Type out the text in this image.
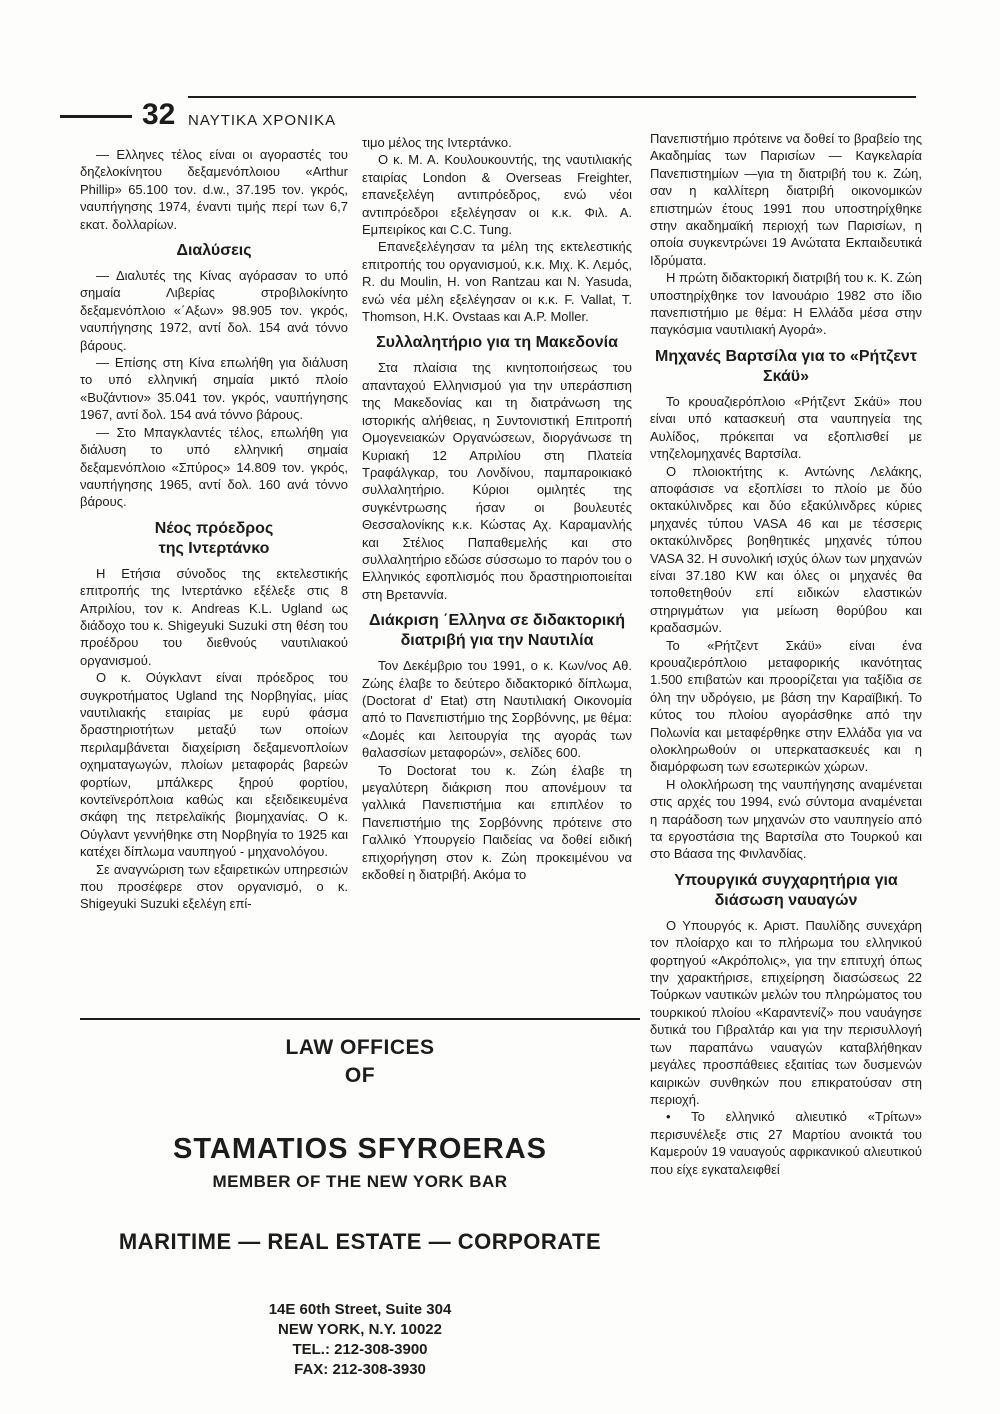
32 ΝΑΥΤΙΚΑ ΧΡΟΝΙΚΑ

— Ελληνες τέλος είναι οι αγοραστές του δηζελοκίνητου δεξαμενόπλοιου «Arthur Phillip» 65.100 τον. d.w., 37.195 τον. γκρός, ναυπήγησης 1974, έναντι τιμής περί των 6,7 εκατ. δολλαρίων.

Διαλύσεις

— Διαλυτές της Κίνας αγόρασαν το υπό σημαία Λιβερίας στροβιλοκίνητο δεξαμενόπλοιο «΄Αξων» 98.905 τον. γκρός, ναυπήγησης 1972, αντί δολ. 154 ανά τόννο βάρους.

— Επίσης στη Κίνα επωλήθη για διάλυση το υπό ελληνική σημαία μικτό πλοίο «Βυζάντιον» 35.041 τον. γκρός, ναυπήγησης 1967, αντί δολ. 154 ανά τόννο βάρους.

— Στο Μπαγκλαντές τέλος, επωλήθη για διάλυση το υπό ελληνική σημαία δεξαμενόπλοιο «Σπύρος» 14.809 τον. γκρός, ναυπήγησης 1965, αντί δολ. 160 ανά τόννο βάρους.

Νέος πρόεδρος
της Ιντερτάνκο

Η Ετήσια σύνοδος της εκτελεστικής επιτροπής της Ιντερτάνκο εξέλεξε στις 8 Απριλίου, τον κ. Andreas K.L. Ugland ως διάδοχο του κ. Shigeyuki Suzuki στη θέση του προέδρου του διεθνούς ναυτιλιακού οργανισμού.

Ο κ. Ούγκλαντ είναι πρόεδρος του συγκροτήματος Ugland της Νορβηγίας, μίας ναυτιλιακής εταιρίας με ευρύ φάσμα δραστηριοτήτων μεταξύ των οποίων περιλαμβάνεται διαχείριση δεξαμενοπλοίων οχηματαγωγών, πλοίων μεταφοράς βαρεών φορτίων, μπάλκερς ξηρού φορτίου, κοντεϊνερόπλοια καθώς και εξειδεικευμένα σκάφη της πετρελαϊκής βιομηχανίας. Ο κ. Ούγλαντ γεννήθηκε στη Νορβηγία το 1925 και κατέχει δίπλωμα ναυπηγού - μηχανολόγου.

Σε αναγνώριση των εξαιρετικών υπηρεσιών που προσέφερε στον οργανισμό, ο κ. Shigeyuki Suzuki εξελέγη επί-

τιμο μέλος της Ιντερτάνκο.

Ο κ. Μ. Α. Κουλουκουντής, της ναυτιλιακής εταιρίας London & Overseas Freighter, επανεξελέγη αντιπρόεδρος, ενώ νέοι αντιπρόεδροι εξελέγησαν οι κ.κ. Φιλ. Α. Εμπειρίκος και C.C. Tung.

Επανεξελέγησαν τα μέλη της εκτελεστικής επιτροπής του οργανισμού, κ.κ. Μιχ. Κ. Λεμός, R. du Moulin, H. von Rantzau και N. Yasuda, ενώ νέα μέλη εξελέγησαν οι κ.κ. F. Vallat, T. Thomson, H.K. Ovstaas και A.P. Moller.

Συλλαλητήριο για τη Μακεδονία

Στα πλαίσια της κινητοποιήσεως του απανταχού Ελληνισμού για την υπεράσπιση της Μακεδονίας και τη διατράνωση της ιστορικής αλήθειας, η Συντονιστική Επιτροπή Ομογενειακών Οργανώσεων, διοργάνωσε τη Κυριακή 12 Απριλίου στη Πλατεία Τραφάλγκαρ, του Λονδίνου, παμπαροικιακό συλλαλητήριο. Κύριοι ομιλητές της συγκέντρωσης ήσαν οι βουλευτές Θεσσαλονίκης κ.κ. Κώστας Αχ. Καραμανλής και Στέλιος Παπαθεμελής και στο συλλαλητήριο εδώσε σύσσωμο το παρόν του ο Ελληνικός εφοπλισμός που δραστηριοποιείται στη Βρεταννία.

Διάκριση ΄Ελληνα σε διδακτορική διατριβή για την Ναυτιλία

Τον Δεκέμβριο του 1991, ο κ. Κων/νος Αθ. Ζώης έλαβε το δεύτερο διδακτορικό δίπλωμα, (Doctorat d' Etat) στη Ναυτιλιακή Οικονομία από το Πανεπιστήμιο της Σορβόννης, με θέμα: «Δομές και λειτουργία της αγοράς των θαλασσίων μεταφορών», σελίδες 600.

Το Doctorat του κ. Ζώη έλαβε τη μεγαλύτερη διάκριση που απονέμουν τα γαλλικά Πανεπιστήμια και επιπλέον το Πανεπιστήμιο της Σορβόννης πρότεινε στο Γαλλικό Υπουργείο Παιδείας να δοθεί ειδική επιχορήγηση στον κ. Ζώη προκειμένου να εκδοθεί η διατριβή. Ακόμα το

Πανεπιστήμιο πρότεινε να δοθεί το βραβείο της Ακαδημίας των Παρισίων — Καγκελαρία Πανεπιστημίων —για τη διατριβή του κ. Ζώη, σαν η καλλίτερη διατριβή οικονομικών επιστημών έτους 1991 που υποστηρίχθηκε στην ακαδημαϊκή περιοχή των Παρισίων, η οποία συγκεντρώνει 19 Ανώτατα Εκπαιδευτικά Ιδρύματα.

Η πρώτη διδακτορική διατριβή του κ. Κ. Ζώη υποστηρίχθηκε τον Ιανουάριο 1982 στο ίδιο πανεπιστήμιο με θέμα: Η Ελλάδα μέσα στην παγκόσμια ναυτιλιακή Αγορά».

Μηχανές Βαρτσίλα για το «Ρήτζεντ Σκάϋ»

Το κρουαζιερόπλοιο «Ρήτζεντ Σκάϋ» που είναι υπό κατασκευή στα ναυπηγεία της Αυλίδος, πρόκειται να εξοπλισθεί με ντηζελομηχανές Βαρτσίλα.

Ο πλοιοκτήτης κ. Αντώνης Λελάκης, αποφάσισε να εξοπλίσει το πλοίο με δύο οκτακύλινδρες και δύο εξακύλινδρες κύριες μηχανές τύπου VASA 46 και με τέσσερις οκτακύλινδρες βοηθητικές μηχανές τύπου VASA 32. Η συνολική ισχύς όλων των μηχανών είναι 37.180 KW και όλες οι μηχανές θα τοποθετηθούν επί ειδικών ελαστικών στηριγμάτων για μείωση θορύβου και κραδασμών.

Το «Ρήτζεντ Σκάϋ» είναι ένα κρουαζιερόπλοιο μεταφορικής ικανότητας 1.500 επιβατών και προορίζεται για ταξίδια σε όλη την υδρόγειο, με βάση την Καραϊβική. Το κύτος του πλοίου αγοράσθηκε από την Πολωνία και μεταφέρθηκε στην Ελλάδα για να ολοκληρωθούν οι υπερκατασκευές και η διαμόρφωση των εσωτερικών χώρων.

Η ολοκλήρωση της ναυπήγησης αναμένεται στις αρχές του 1994, ενώ σύντομα αναμένεται η παράδοση των μηχανών στο ναυπηγείο από τα εργοστάσια της Βαρτσίλα στο Τουρκού και στο Βάασα της Φινλανδίας.

Υπουργικά συγχαρητήρια για διάσωση ναυαγών

Ο Υπουργός κ. Αριστ. Παυλίδης συνεχάρη τον πλοίαρχο και το πλήρωμα του ελληνικού φορτηγού «Ακρόπολις», για την επιτυχή όπως την χαρακτήρισε, επιχείρηση διασώσεως 22 Τούρκων ναυτικών μελών του πληρώματος του τουρκικού πλοίου «Καραντενίζ» που ναυάγησε δυτικά του Γιβραλτάρ και για την περισυλλογή των παραπάνω ναυαγών καταβλήθηκαν μεγάλες προσπάθειες εξαιτίας των δυσμενών καιρικών συνθηκών που επικρατούσαν στη περιοχή.

• Το ελληνικό αλιευτικό «Τρίτων» περισυνέλεξε στις 27 Μαρτίου ανοικτά του Καμερούν 19 ναυαγούς αφρικανικού αλιευτικού που είχε εγκαταλειφθεί

LAW OFFICES
OF
STAMATIOS SFYROERAS
MEMBER OF THE NEW YORK BAR
MARITIME — REAL ESTATE — CORPORATE
14E 60th Street, Suite 304
NEW YORK, N.Y. 10022
TEL.: 212-308-3900
FAX: 212-308-3930
